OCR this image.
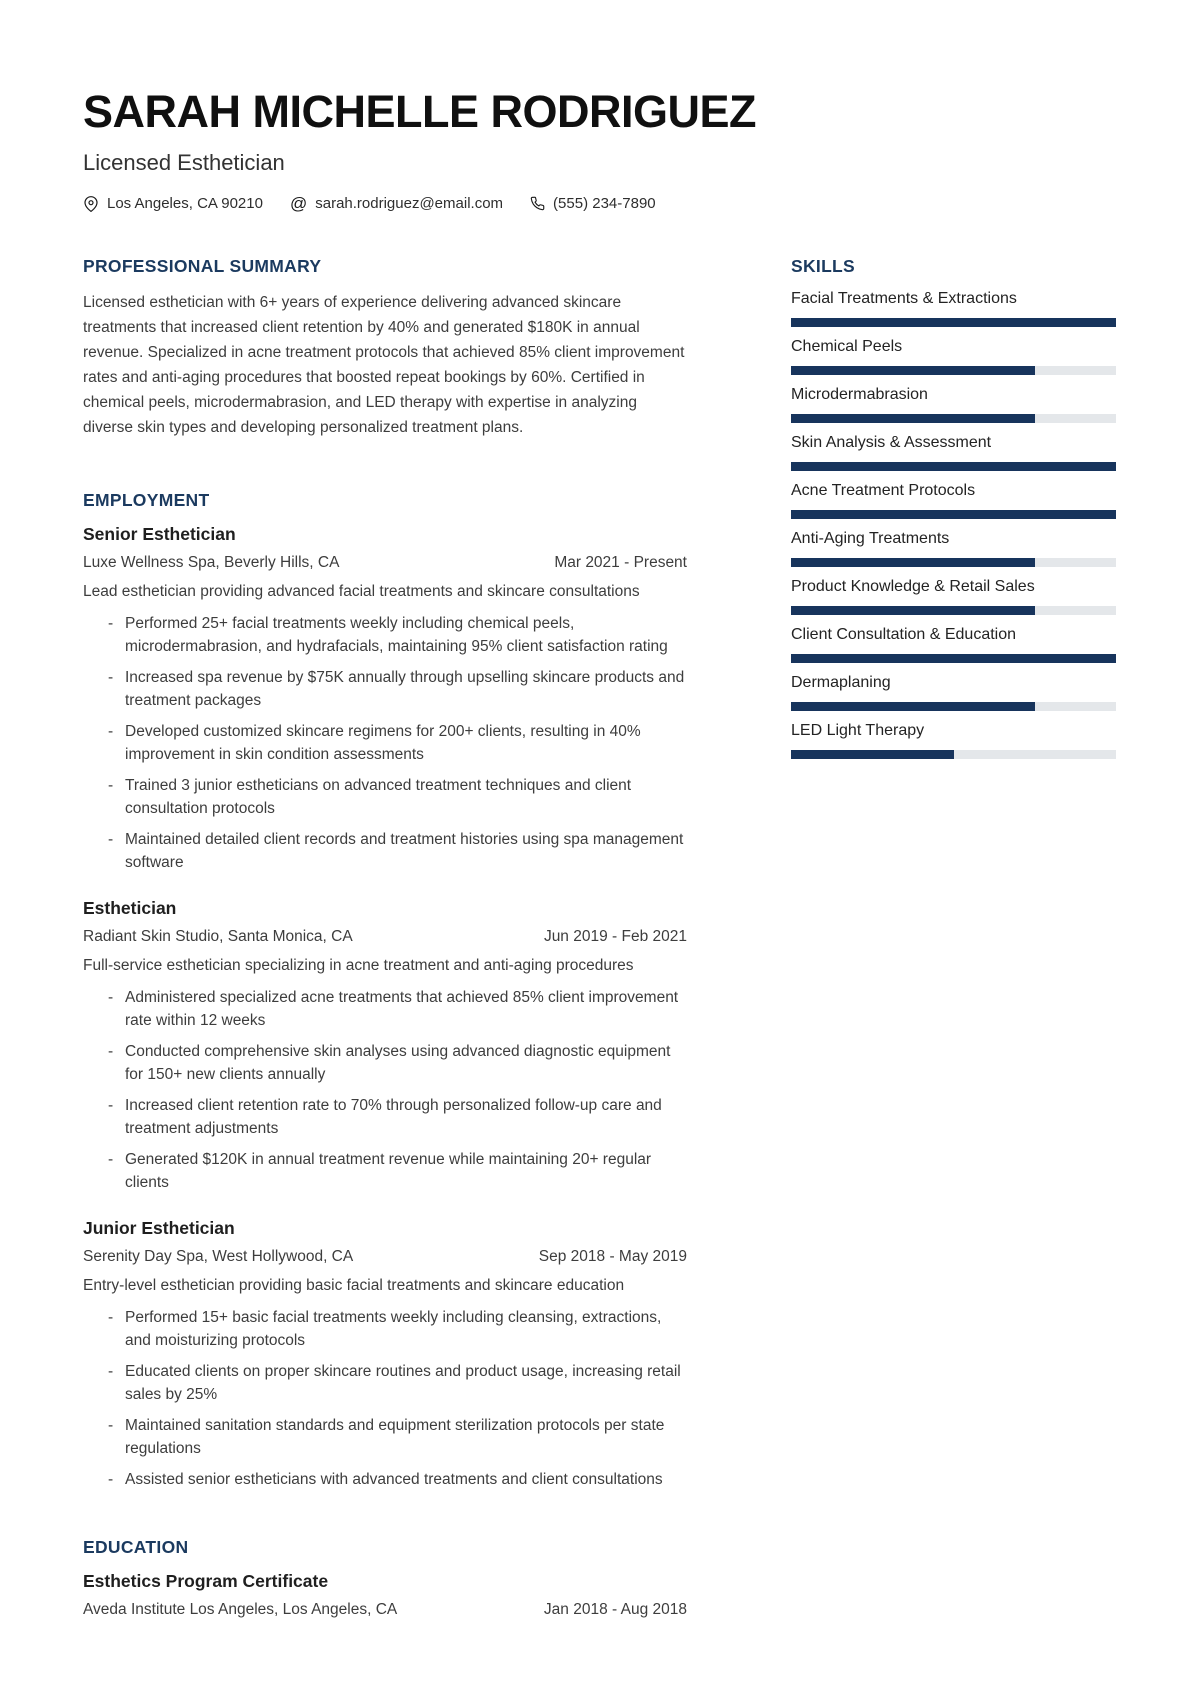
SARAH MICHELLE RODRIGUEZ
Licensed Esthetician
Los Angeles, CA 90210 @ sarah.rodriguez@email.com	(555) 234-7890
PROFESSIONAL SUMMARY

Licensed esthetician with 6+ years of experience delivering advanced skincare treatments that increased client retention by 40% and generated $180K in annual revenue. Specialized in acne treatment protocols that achieved 85% client improvement rates and anti-aging procedures that boosted repeat bookings by 60%. Certified in chemical peels, microdermabrasion, and LED therapy with expertise in analyzing diverse skin types and developing personalized treatment plans.

EMPLOYMENT
Senior Esthetician
Luxe Wellness Spa, Beverly Hills, CA	Mar 2021 - Present
Lead esthetician providing advanced facial treatments and skincare consultations
- Performed 25+ facial treatments weekly including chemical peels, microdermabrasion, and hydrafacials, maintaining 95% client satisfaction rating
- Increased spa revenue by $75K annually through upselling skincare products and treatment packages
- Developed customized skincare regimens for 200+ clients, resulting in 40% improvement in skin condition assessments
- Trained 3 junior estheticians on advanced treatment techniques and client consultation protocols
- Maintained detailed client records and treatment histories using spa management software
Esthetician
Radiant Skin Studio, Santa Monica, CA	Jun 2019 - Feb 2021
Full-service esthetician specializing in acne treatment and anti-aging procedures
- Administered specialized acne treatments that achieved 85% client improvement rate within 12 weeks
- Conducted comprehensive skin analyses using advanced diagnostic equipment for 150+ new clients annually
- Increased client retention rate to 70% through personalized follow-up care and treatment adjustments
- Generated $120K in annual treatment revenue while maintaining 20+ regular clients
Junior Esthetician
Serenity Day Spa, West Hollywood, CA	Sep 2018 - May 2019
Entry-level esthetician providing basic facial treatments and skincare education
- Performed 15+ basic facial treatments weekly including cleansing, extractions, and moisturizing protocols
- Educated clients on proper skincare routines and product usage, increasing retail sales by 25%
- Maintained sanitation standards and equipment sterilization protocols per state regulations
- Assisted senior estheticians with advanced treatments and client consultations
EDUCATION
Esthetics Program Certificate
Aveda Institute Los Angeles, Los Angeles, CA	Jan 2018 - Aug 2018
SKILLS
Facial Treatments & Extractions
Chemical Peels
Microdermabrasion
Skin Analysis & Assessment
Acne Treatment Protocols
Anti-Aging Treatments
Product Knowledge & Retail Sales
Client Consultation & Education
Dermaplaning
LED Light Therapy
